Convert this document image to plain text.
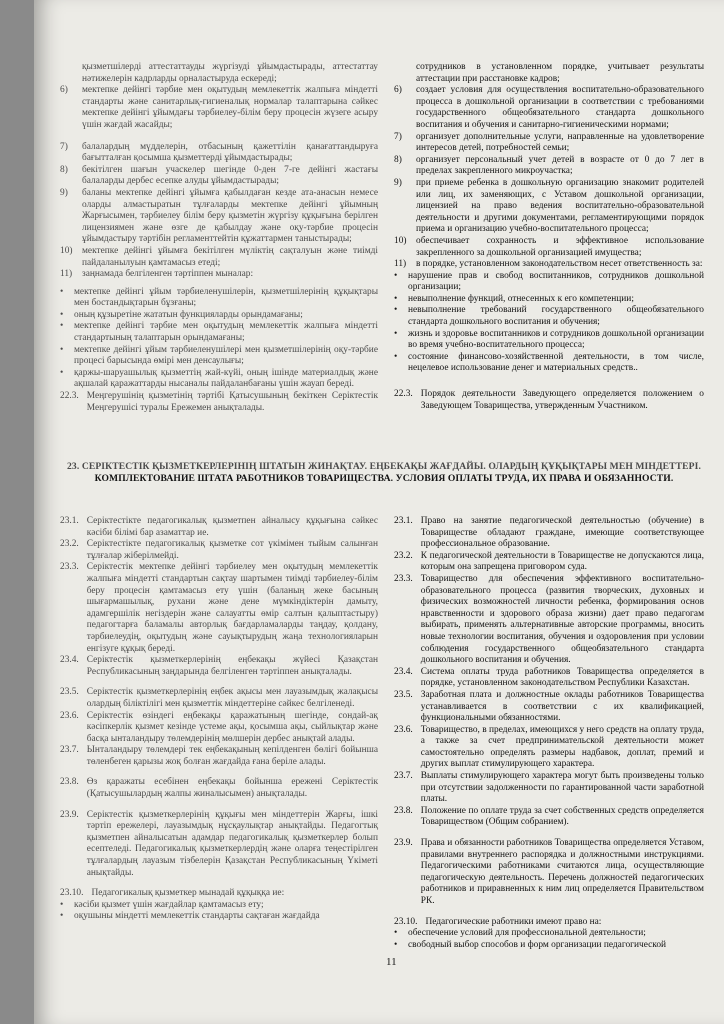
қызметшілерді аттестаттауды жүргізуді ұйымдастырады, аттестаттау нәтижелерін кадрларды орналастыруда ескереді;
6)	мектепке дейінгі тәрбие мен оқытудың мемлекеттік жалпыға міндетті стандарты және санитарлық-гигиеналық нормалар талаптарына сәйкес мектепке дейінгі ұйымдағы тәрбиелеу-білім беру процесін жүзеге асыру үшін жағдай жасайды;
7)	балалардың мүдделерін, отбасының қажеттілін қанағаттандыруға бағытталған қосымша қызметтерді ұйымдастырады;
8)	бекітілген шағын учаскелер шегінде 0-ден 7-ге дейінгі жастағы балаларды дербес есепке алуды ұйымдастырады;
9)	баланы мектепке дейінгі ұйымға қабылдаған кезде ата-анасын немесе оларды алмастыратын тұлғаларды мектепке дейінгі ұйымның Жарғысымен, тәрбиелеу білім беру қызметін жүргізу құқығына берілген лицензиямен және өзге де қабылдау және оқу-тәрбие процесін ұйымдастыру тәртібін регламенттейтін құжаттармен таныстырады;
10)	мектепке дейінгі ұйымға бекітілген мүліктің сақталуын және тиімді пайдаланылуын қамтамасыз етеді;
11)	заңнамада белгіленген тәртіппен мыналар:
•	мектепке дейінгі ұйым тәрбиеленушілерін, қызметшілерінің құқықтары мен бостандықтарын бұзғаны;
•	оның құзыретіне жататын функцияларды орындамағаны;
•	мектепке дейінгі тәрбие мен оқытудың мемлекеттік жалпыға міндетті стандартының талаптарын орындамағаны;
•	мектепке дейінгі ұйым тәрбиеленушілері мен қызметшілерінің оқу-тәрбие процесі барысында өмірі мен денсаулығы;
•	қаржы-шаруашылық қызметтің жай-күйі, оның ішінде материалдық және ақшалай қаражаттарды нысаналы пайдаланбағаны үшін жауап береді.
22.3. Меңгерушінің қызметінің тәртібі Қатысушының бекіткен Серіктестік Меңгерушісі туралы Ережемен анықталады.
сотрудников в установленном порядке, учитывает результаты аттестации при расстановке кадров;
6)	создает условия для осуществления воспитательно-образовательного процесса в дошкольной организации в соответствии с требованиями государственного общеобязательного стандарта дошкольного воспитания и обучения и санитарно-гигиеническими нормами;
7)	организует дополнительные услуги, направленные на удовлетворение интересов детей, потребностей семьи;
8)	организует персональный учет детей в возрасте от 0 до 7 лет в пределах закрепленного микроучастка;
9)	при приеме ребенка в дошкольную организацию знакомит родителей или лиц, их заменяющих, с Уставом дошкольной организации, лицензией на право ведения воспитательно-образовательной деятельности и другими документами, регламентирующими порядок приема и организацию учебно-воспитательного процесса;
10)	обеспечивает сохранность и эффективное использование закрепленного за дошкольной организацией имущества;
11)	в порядке, установленном законодательством несет ответственность за:
•	нарушение прав и свобод воспитанников, сотрудников дошкольной организации;
•	невыполнение функций, отнесенных к его компетенции;
•	невыполнение требований государственного общеобязательного стандарта дошкольного воспитания и обучения;
•	жизнь и здоровье воспитанников и сотрудников дошкольной организации во время учебно-воспитательного процесса;
•	состояние финансово-хозяйственной деятельности, в том числе, нецелевое использование денег и материальных средств..
22.3. Порядок деятельности Заведующего определяется положением о Заведующем Товарищества, утвержденным Участником.
23. СЕРІКТЕСТІК ҚЫЗМЕТКЕРЛЕРІНІҢ ШТАТЫН ЖИНАҚТАУ. ЕҢБЕКАҚЫ ЖАҒДАЙЫ. ОЛАРДЫҢ ҚҰҚЫҚТАРЫ МЕН МІНДЕТТЕРІ. КОМПЛЕКТОВАНИЕ ШТАТА РАБОТНИКОВ ТОВАРИЩЕСТВА. УСЛОВИЯ ОПЛАТЫ ТРУДА, ИХ ПРАВА И ОБЯЗАННОСТИ.
23.1. Серіктестікте педагогикалық қызметпен айналысу құқығына сәйкес кәсіби білімі бар азаматтар ие.
23.2. Серіктестікте педагогикалық қызметке сот үкімімен тыйым салынған тұлғалар жіберілмейді.
23.3. Серіктестік мектепке дейінгі тәрбиелеу мен оқытудың мемлекеттік жалпыға міндетті стандартын сақтау шартымен тиімді тәрбиелеу-білім беру процесін қамтамасыз ету үшін (баланың жеке басының шығармашылық, рухани және дене мүмкіндіктерін дамыту, адамгершілік негіздерін және салауатты өмір салтын қалыптастыру) педагогтарға баламалы авторлық бағдарламаларды таңдау, қолдану, тәрбиелеудің, оқытудың және сауықтырудың жаңа технологияларын енгізуге құқық береді.
23.4. Серіктестік қызметкерлерінің еңбекақы жүйесі Қазақстан Республикасының заңдарында белгіленген тәртіппен анықталады.
23.5. Серіктестік қызметкерлерінің еңбек ақысы мен лауазымдық жалақысы олардың біліктілігі мен қызметтік міндеттеріне сәйкес белгіленеді.
23.6. Серіктестік өзіндегі еңбекақы қаражатының шегінде, сондай-ақ кәсіпкерлік қызмет кезінде үстеме ақы, қосымша ақы, сыйлықтар және басқа ынталандыру төлемдерінің мөлшерін дербес анықтай алады.
23.7. Ынталандыру төлемдері тек еңбекақының кепілденген бөлігі бойынша төленбеген қарызы жоқ болған жағдайда ғана беріле алады.
23.8. Өз қаражаты есебінен еңбекақы бойынша ережені Серіктестік (Қатысушылардың жалпы жиналысымен) анықталады.
23.9. Серіктестік қызметкерлерінің құқығы мен міндеттерін Жарғы, ішкі тәртіп ережелері, лауазымдық нұсқаулықтар анықтайды. Педагогтық қызметпен айналысатын адамдар педагогикалық қызметкерлер болып есептеледі. Педагогикалық қызметкерлердің және оларға теңестірілген тұлғалардың лауазым тізбелерін Қазақстан Республикасының Үкіметі анықтайды.
23.10. Педагогикалық қызметкер мынадай құқыққа ие:
•	кәсіби қызмет үшін жағдайлар қамтамасыз ету;
•	оқушыны міндетті мемлекеттік стандарты сақтаған жағдайда
23.1. Право на занятие педагогической деятельностью (обучение) в Товариществе обладают граждане, имеющие соответствующее профессиональное образование.
23.2. К педагогической деятельности в Товариществе не допускаются лица, которым она запрещена приговором суда.
23.3. Товарищество для обеспечения эффективного воспитательно-образовательного процесса (развития творческих, духовных и физических возможностей личности ребенка, формирования основ нравственности и здорового образа жизни) дает право педагогам выбирать, применять альтернативные авторские программы, вносить новые технологии воспитания, обучения и оздоровления при условии соблюдения государственного общеобязательного стандарта дошкольного воспитания и обучения.
23.4. Система оплаты труда работников Товарищества определяется в порядке, установленном законодательством Республики Казахстан.
23.5. Заработная плата и должностные оклады работников Товарищества устанавливается в соответствии с их квалификацией, функциональными обязанностями.
23.6. Товарищество, в пределах, имеющихся у него средств на оплату труда, а также за счет предпринимательской деятельности может самостоятельно определять размеры надбавок, доплат, премий и других выплат стимулирующего характера.
23.7. Выплаты стимулирующего характера могут быть произведены только при отсутствии задолженности по гарантированной части заработной платы.
23.8. Положение по оплате труда за счет собственных средств определяется Товариществом (Общим собранием).
23.9. Права и обязанности работников Товарищества определяется Уставом, правилами внутреннего распорядка и должностными инструкциями. Педагогическими работниками считаются лица, осуществляющие педагогическую деятельность. Перечень должностей педагогических работников и приравненных к ним лиц определяется Правительством РК.
23.10. Педагогические работники имеют право на:
•	обеспечение условий для профессиональной деятельности;
•	свободный выбор способов и форм организации педагогической
11
